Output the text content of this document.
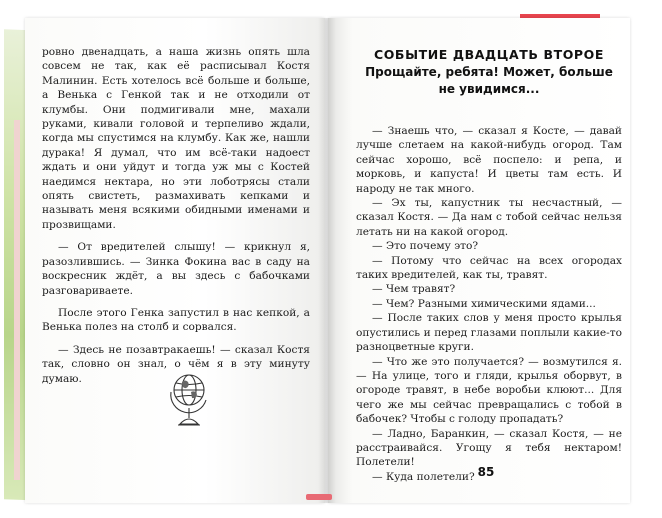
ровно двенадцать, а наша жизнь опять шла совсем не так, как её расписывал Костя Малинин. Есть хотелось всё больше и больше, а Венька с Генкой так и не отходили от клумбы. Они подмигивали мне, махали руками, кивали головой и терпеливо ждали, когда мы спустимся на клумбу. Как же, нашли дурака! Я думал, что им всё-таки надоест ждать и они уйдут и тогда уж мы с Костей наедимся нектара, но эти лоботрясы стали опять свистеть, размахивать кепками и называть меня всякими обидными именами и прозвищами.

— От вредителей слышу! — крикнул я, разозлившись. — Зинка Фокина вас в саду на воскресник ждёт, а вы здесь с бабочками разговариваете.

После этого Генка запустил в нас кепкой, а Венька полез на столб и сорвался.

— Здесь не позавтракаешь! — сказал Костя так, словно он знал, о чём я в эту минуту думаю.

СОБЫТИЕ ДВАДЦАТЬ ВТОРОЕ
Прощайте, ребята! Может, больше не увидимся...

— Знаешь что, — сказал я Косте, — давай лучше слетаем на какой-нибудь огород. Там сейчас хорошо, всё поспело: и репа, и морковь, и капуста! И цветы там есть. И народу не так много.

— Эх ты, капустник ты несчастный, — сказал Костя. — Да нам с тобой сейчас нельзя летать ни на какой огород.

— Это почему это?

— Потому что сейчас на всех огородах таких вредителей, как ты, травят.

— Чем травят?

— Чем? Разными химическими ядами...

— После таких слов у меня просто крылья опустились и перед глазами поплыли какие-то разноцветные круги.

— Что же это получается? — возмутился я. — На улице, того и гляди, крылья оборвут, в огороде травят, в небе воробьи клюют... Для чего же мы сейчас превращались с тобой в бабочек? Чтобы с голоду пропадать?

— Ладно, Баранкин, — сказал Костя, — не расстраивайся. Угощу я тебя нектаром! Полетели!

— Куда полетели? 85
